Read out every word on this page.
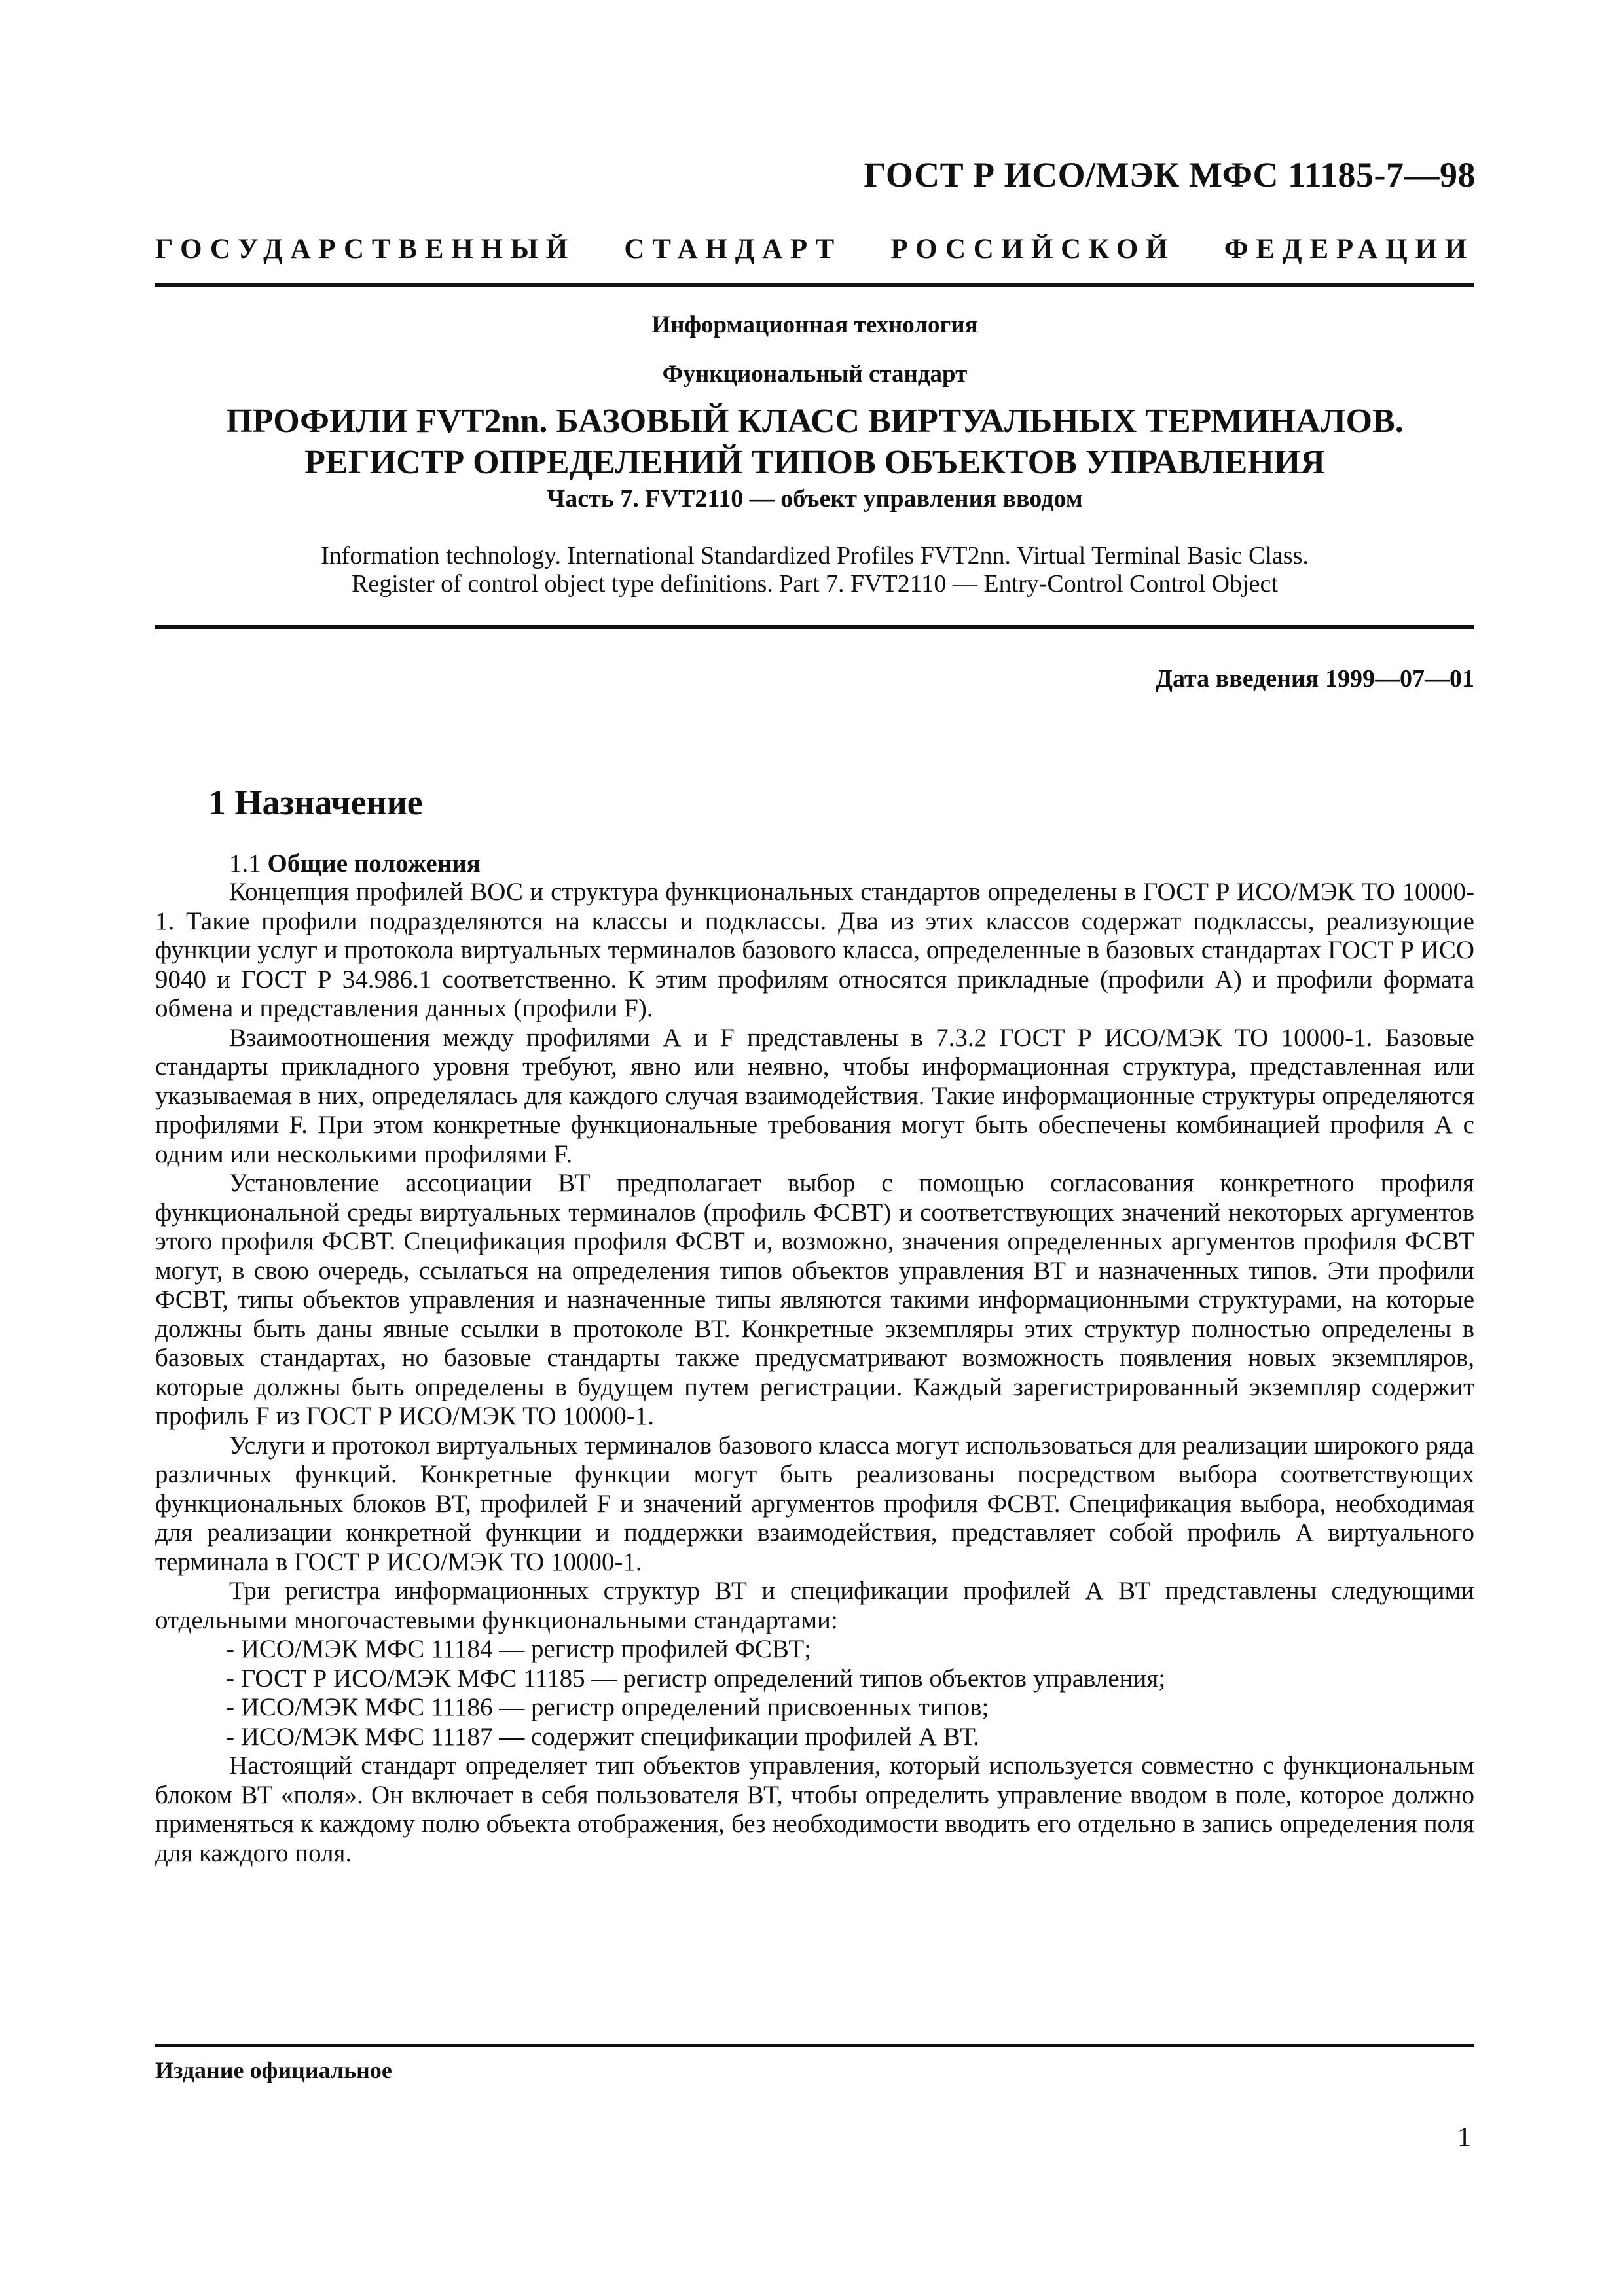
ГОСТ Р ИСО/МЭК МФС 11185-7—98
ГОСУДАРСТВЕННЫЙ СТАНДАРТ РОССИЙСКОЙ ФЕДЕРАЦИИ
Информационная технология
Функциональный стандарт
ПРОФИЛИ FVT2nn. БАЗОВЫЙ КЛАСС ВИРТУАЛЬНЫХ ТЕРМИНАЛОВ.
РЕГИСТР ОПРЕДЕЛЕНИЙ ТИПОВ ОБЪЕКТОВ УПРАВЛЕНИЯ
Часть 7. FVT2110 — объект управления вводом
Information technology. International Standardized Profiles FVT2nn. Virtual Terminal Basic Class.
Register of control object type definitions. Part 7. FVT2110 — Entry-Control Control Object
Дата введения 1999—07—01
1 Назначение
1.1 Общие положения

Концепция профилей ВОС и структура функциональных стандартов определены в ГОСТ Р ИСО/МЭК ТО 10000-1. Такие профили подразделяются на классы и подклассы. Два из этих классов содержат подклассы, реализующие функции услуг и протокола виртуальных терминалов базового класса, определенные в базовых стандартах ГОСТ Р ИСО 9040 и ГОСТ Р 34.986.1 соответственно. К этим профилям относятся прикладные (профили А) и профили формата обмена и представления данных (профили F).

Взаимоотношения между профилями А и F представлены в 7.3.2 ГОСТ Р ИСО/МЭК ТО 10000-1. Базовые стандарты прикладного уровня требуют, явно или неявно, чтобы информационная структура, представленная или указываемая в них, определялась для каждого случая взаимодействия. Такие информационные структуры определяются профилями F. При этом конкретные функциональные требования могут быть обеспечены комбинацией профиля А с одним или несколькими профилями F.

Установление ассоциации ВТ предполагает выбор с помощью согласования конкретного профиля функциональной среды виртуальных терминалов (профиль ФСВТ) и соответствующих значений некоторых аргументов этого профиля ФСВТ. Спецификация профиля ФСВТ и, возможно, значения определенных аргументов профиля ФСВТ могут, в свою очередь, ссылаться на определения типов объектов управления ВТ и назначенных типов. Эти профили ФСВТ, типы объектов управления и назначенные типы являются такими информационными структурами, на которые должны быть даны явные ссылки в протоколе ВТ. Конкретные экземпляры этих структур полностью определены в базовых стандартах, но базовые стандарты также предусматривают возможность появления новых экземпляров, которые должны быть определены в будущем путем регистрации. Каждый зарегистрированный экземпляр содержит профиль F из ГОСТ Р ИСО/МЭК ТО 10000-1.

Услуги и протокол виртуальных терминалов базового класса могут использоваться для реализации широкого ряда различных функций. Конкретные функции могут быть реализованы посредством выбора соответствующих функциональных блоков ВТ, профилей F и значений аргументов профиля ФСВТ. Спецификация выбора, необходимая для реализации конкретной функции и поддержки взаимодействия, представляет собой профиль А виртуального терминала в ГОСТ Р ИСО/МЭК ТО 10000-1.

Три регистра информационных структур ВТ и спецификации профилей А ВТ представлены следующими отдельными многочастевыми функциональными стандартами:

- ИСО/МЭК МФС 11184 — регистр профилей ФСВТ;

- ГОСТ Р ИСО/МЭК МФС 11185 — регистр определений типов объектов управления;

- ИСО/МЭК МФС 11186 — регистр определений присвоенных типов;

- ИСО/МЭК МФС 11187 — содержит спецификации профилей А ВТ.

Настоящий стандарт определяет тип объектов управления, который используется совместно с функциональным блоком ВТ «поля». Он включает в себя пользователя ВТ, чтобы определить управление вводом в поле, которое должно применяться к каждому полю объекта отображения, без необходимости вводить его отдельно в запись определения поля для каждого поля.

Издание официальное
1
